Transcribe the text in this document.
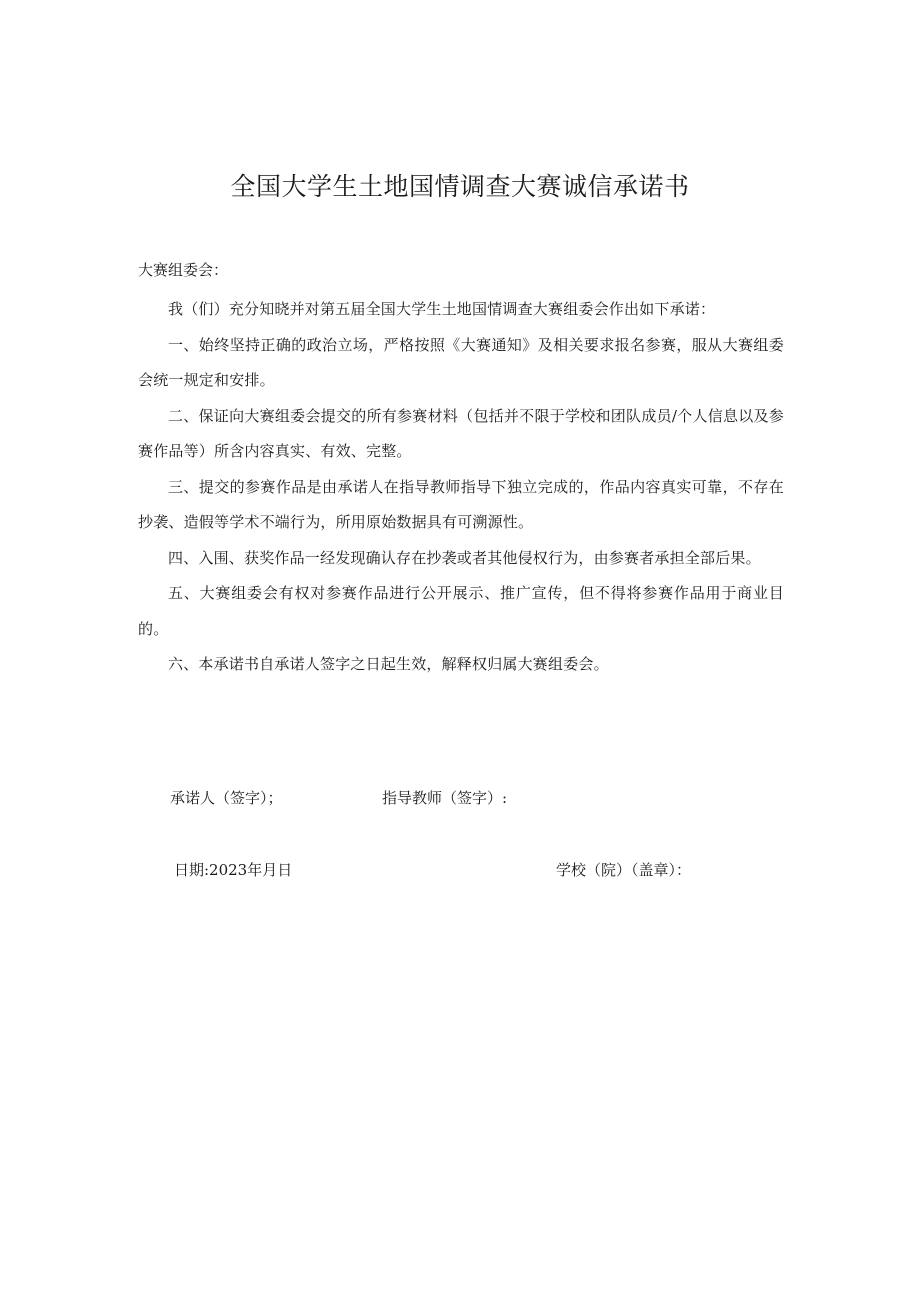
全国大学生土地国情调查大赛诚信承诺书
大赛组委会：

我（们）充分知晓并对第五届全国大学生土地国情调查大赛组委会作出如下承诺：

一、始终坚持正确的政治立场，严格按照《大赛通知》及相关要求报名参赛，服从大赛组委会统一规定和安排。

二、保证向大赛组委会提交的所有参赛材料（包括并不限于学校和团队成员/个人信息以及参赛作品等）所含内容真实、有效、完整。

三、提交的参赛作品是由承诺人在指导教师指导下独立完成的，作品内容真实可靠，不存在抄袭、造假等学术不端行为，所用原始数据具有可溯源性。

四、入围、获奖作品一经发现确认存在抄袭或者其他侵权行为，由参赛者承担全部后果。

五、大赛组委会有权对参赛作品进行公开展示、推广宣传，但不得将参赛作品用于商业目的。

六、本承诺书自承诺人签字之日起生效，解释权归属大赛组委会。

承诺人（签字）；	指导教师（签字）:
日期:2023年月日	学校（院）（盖章）：
